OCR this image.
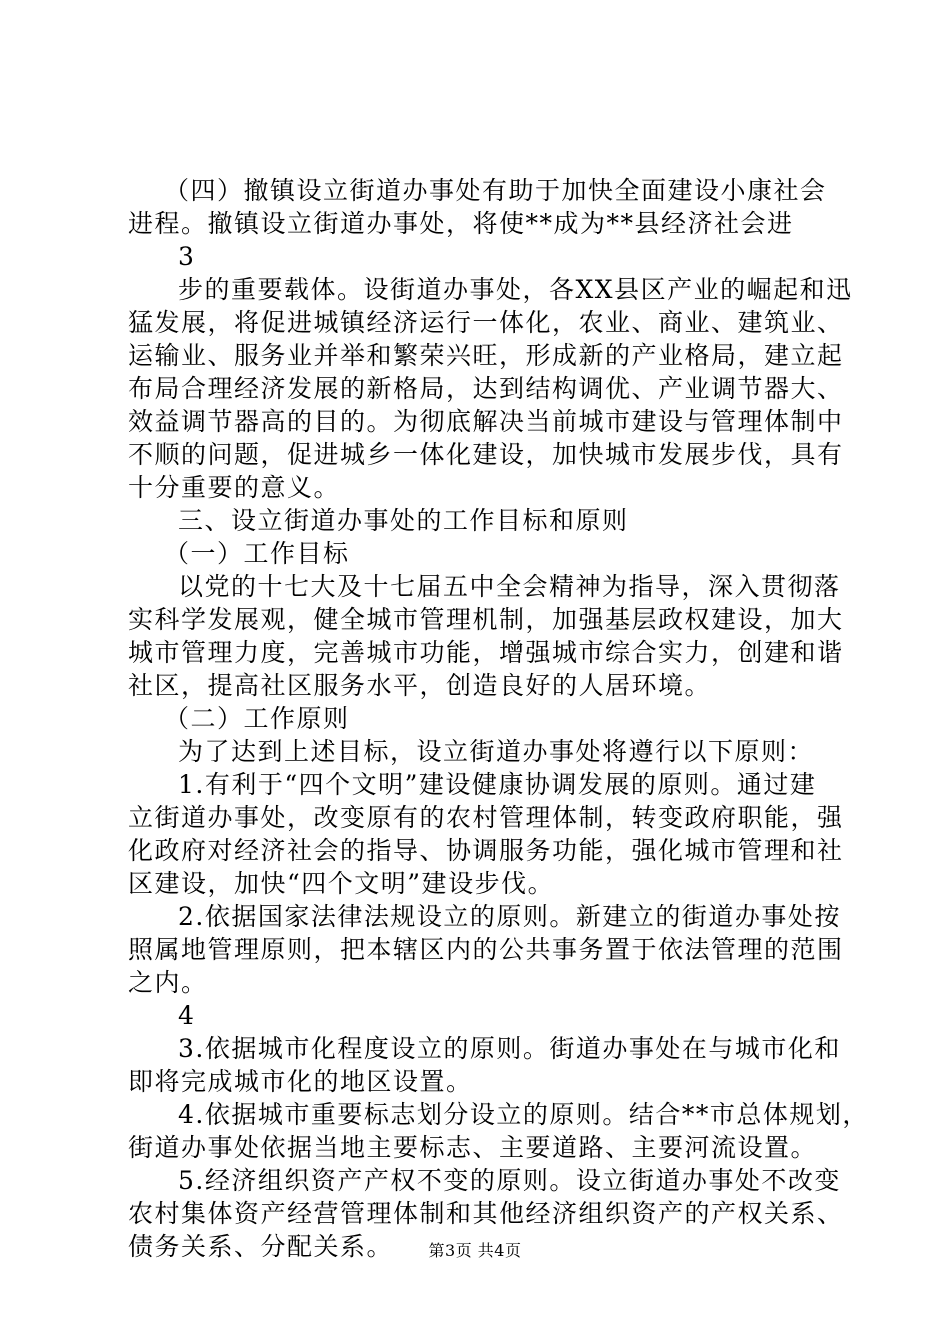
（四）撤镇设立街道办事处有助于加快全面建设小康社会
进程。撤镇设立街道办事处，将使**成为**县经济社会进
3
步的重要载体。设街道办事处，各XX县区产业的崛起和迅
猛发展，将促进城镇经济运行一体化，农业、商业、建筑业、
运输业、服务业并举和繁荣兴旺，形成新的产业格局，建立起
布局合理经济发展的新格局，达到结构调优、产业调节器大、
效益调节器高的目的。为彻底解决当前城市建设与管理体制中
不顺的问题，促进城乡一体化建设，加快城市发展步伐，具有
十分重要的意义。
三、设立街道办事处的工作目标和原则
（一）工作目标
以党的十七大及十七届五中全会精神为指导，深入贯彻落
实科学发展观，健全城市管理机制，加强基层政权建设，加大
城市管理力度，完善城市功能，增强城市综合实力，创建和谐
社区，提高社区服务水平，创造良好的人居环境。
（二）工作原则
为了达到上述目标，设立街道办事处将遵行以下原则：
1.有利于“四个文明”建设健康协调发展的原则。通过建
立街道办事处，改变原有的农村管理体制，转变政府职能，强
化政府对经济社会的指导、协调服务功能，强化城市管理和社
区建设，加快“四个文明”建设步伐。
2.依据国家法律法规设立的原则。新建立的街道办事处按
照属地管理原则，把本辖区内的公共事务置于依法管理的范围
之内。
4
3.依据城市化程度设立的原则。街道办事处在与城市化和
即将完成城市化的地区设置。
4.依据城市重要标志划分设立的原则。结合**市总体规划，
街道办事处依据当地主要标志、主要道路、主要河流设置。
5.经济组织资产产权不变的原则。设立街道办事处不改变
农村集体资产经营管理体制和其他经济组织资产的产权关系、
债务关系、分配关系。	第3页 共4页
